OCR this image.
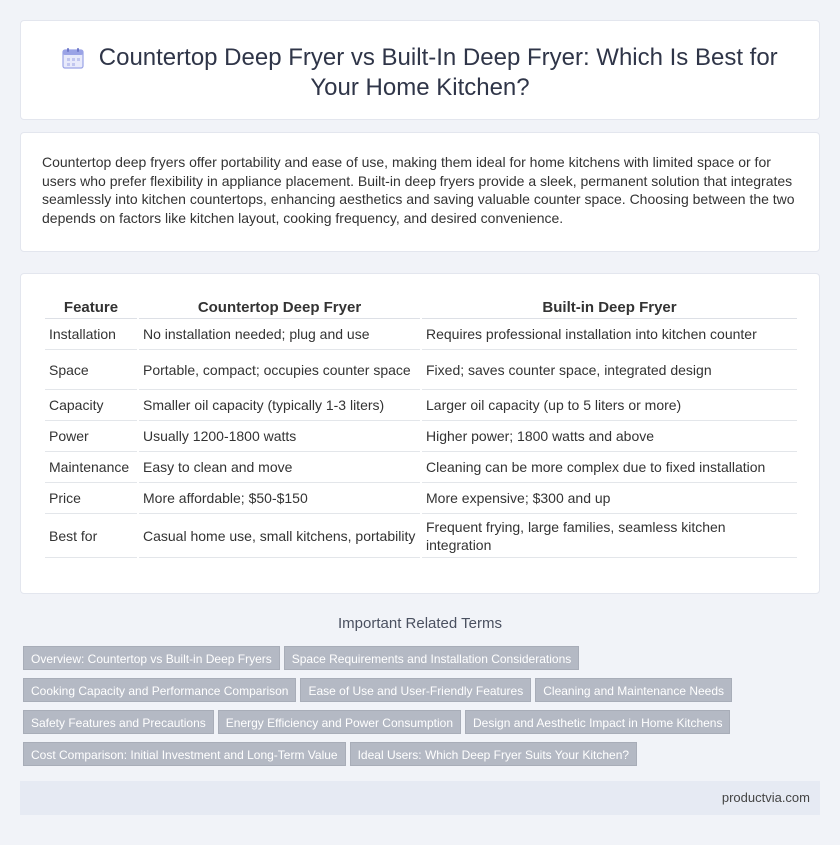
Countertop Deep Fryer vs Built-In Deep Fryer: Which Is Best for Your Home Kitchen?

Countertop deep fryers offer portability and ease of use, making them ideal for home kitchens with limited space or for users who prefer flexibility in appliance placement. Built-in deep fryers provide a sleek, permanent solution that integrates seamlessly into kitchen countertops, enhancing aesthetics and saving valuable counter space. Choosing between the two depends on factors like kitchen layout, cooking frequency, and desired convenience.

Feature	Countertop Deep Fryer	Built-in Deep Fryer
Installation	No installation needed; plug and use	Requires professional installation into kitchen counter
Space	Portable, compact; occupies counter space	Fixed; saves counter space, integrated design
Capacity	Smaller oil capacity (typically 1-3 liters)	Larger oil capacity (up to 5 liters or more)
Power	Usually 1200-1800 watts	Higher power; 1800 watts and above
Maintenance	Easy to clean and move	Cleaning can be more complex due to fixed installation
Price	More affordable; $50-$150	More expensive; $300 and up
Best for	Casual home use, small kitchens, portability	Frequent frying, large families, seamless kitchen integration
Important Related Terms
Overview: Countertop vs Built-in Deep Fryers Space Requirements and Installation Considerations
Cooking Capacity and Performance Comparison Ease of Use and User-Friendly Features Cleaning and Maintenance Needs
Safety Features and Precautions Energy Efficiency and Power Consumption Design and Aesthetic Impact in Home Kitchens
Cost Comparison: Initial Investment and Long-Term Value Ideal Users: Which Deep Fryer Suits Your Kitchen?
productvia.com
